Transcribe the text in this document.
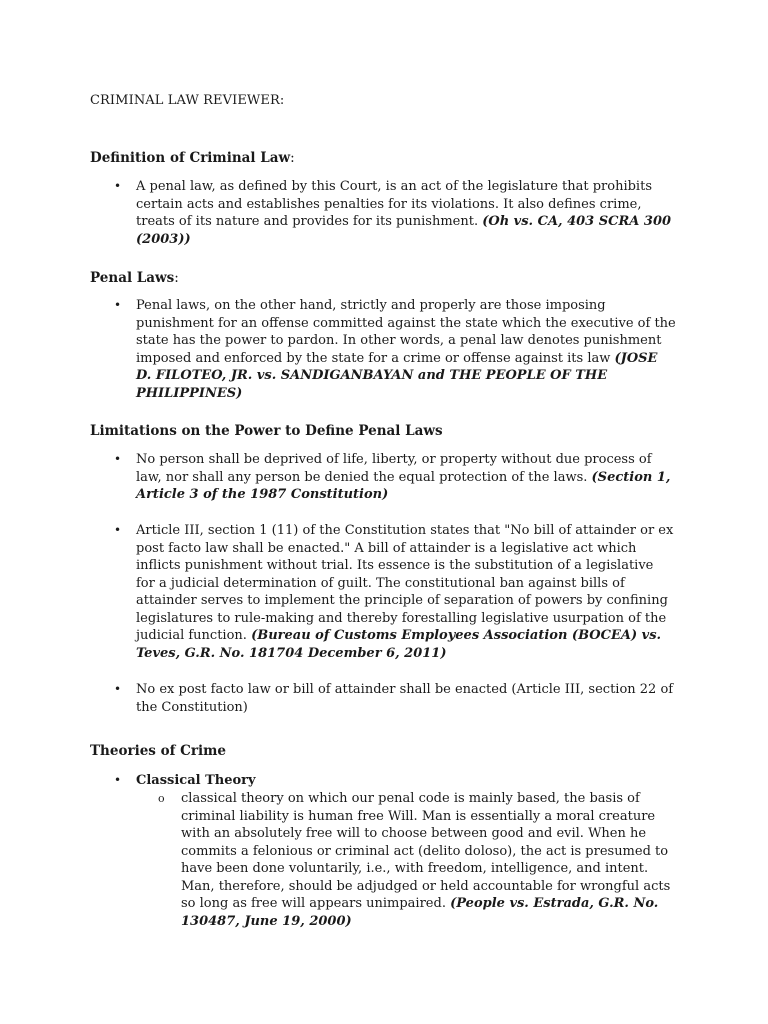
CRIMINAL LAW REVIEWER:
Definition of Criminal Law:
• A penal law, as defined by this Court, is an act of the legislature that prohibits certain acts and establishes penalties for its violations. It also defines crime, treats of its nature and provides for its punishment. (Oh vs. CA, 403 SCRA 300 (2003))
Penal Laws:
• Penal laws, on the other hand, strictly and properly are those imposing punishment for an offense committed against the state which the executive of the state has the power to pardon. In other words, a penal law denotes punishment imposed and enforced by the state for a crime or offense against its law (JOSE D. FILOTEO, JR. vs. SANDIGANBAYAN and THE PEOPLE OF THE PHILIPPINES)
Limitations on the Power to Define Penal Laws
• No person shall be deprived of life, liberty, or property without due process of law, nor shall any person be denied the equal protection of the laws. (Section 1, Article 3 of the 1987 Constitution)
• Article III, section 1 (11) of the Constitution states that "No bill of attainder or ex post facto law shall be enacted." A bill of attainder is a legislative act which inflicts punishment without trial. Its essence is the substitution of a legislative for a judicial determination of guilt. The constitutional ban against bills of attainder serves to implement the principle of separation of powers by confining legislatures to rule-making and thereby forestalling legislative usurpation of the judicial function. (Bureau of Customs Employees Association (BOCEA) vs. Teves, G.R. No. 181704 December 6, 2011)
• No ex post facto law or bill of attainder shall be enacted (Article III, section 22 of the Constitution)
Theories of Crime
• Classical Theory
o classical theory on which our penal code is mainly based, the basis of criminal liability is human free Will. Man is essentially a moral creature with an absolutely free will to choose between good and evil. When he commits a felonious or criminal act (delito doloso), the act is presumed to have been done voluntarily, i.e., with freedom, intelligence, and intent. Man, therefore, should be adjudged or held accountable for wrongful acts so long as free will appears unimpaired. (People vs. Estrada, G.R. No. 130487, June 19, 2000)
